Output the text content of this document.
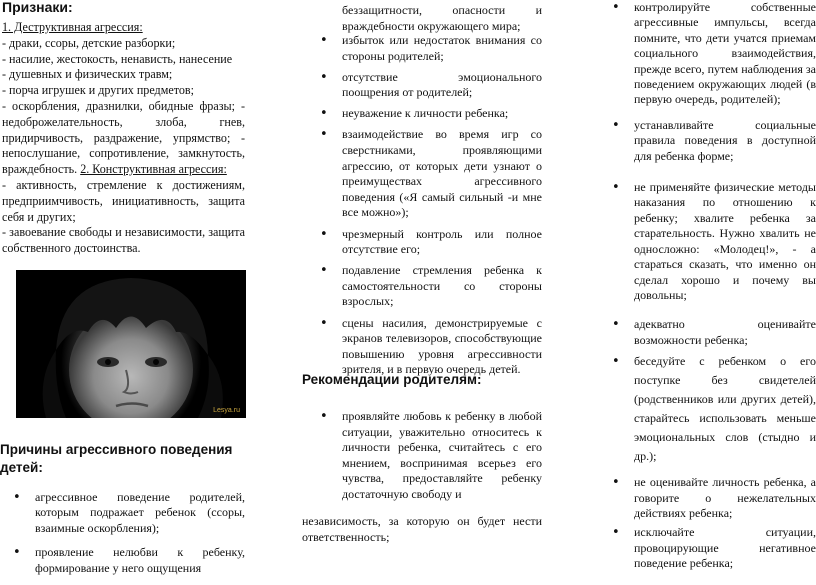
Признаки:
1. Деструктивная агрессия:
- драки, ссоры, детские разборки;
- насилие, жестокость, ненависть, нанесение
- душевных и физических травм;
- порча игрушек и других предметов;
- оскорбления, дразнилки, обидные фразы; - недоброжелательность, злоба, гнев, придирчивость, раздражение, упрямство; - непослушание, сопротивление, замкнутость, враждебность. 2. Конструктивная агрессия:
- активность, стремление к достижениям, предприимчивость, инициативность, защита себя и других;
- завоевание свободы и независимости, защита собственного достоинства.
Lesya.ru
Причины агрессивного поведения детей:
• агрессивное поведение родителей, которым подражает ребенок (ссоры, взаимные оскорбления);
• проявление нелюбви к ребенку, формирование у него ощущения
беззащитности, опасности и враждебности окружающего мира;
• избыток или недостаток внимания со стороны родителей;
• отсутствие эмоционального поощрения от родителей;
• неуважение к личности ребенка;
• взаимодействие во время игр со сверстниками, проявляющими агрессию, от которых дети узнают о преимуществах агрессивного поведения («Я самый сильный -и мне все можно»);
• чрезмерный контроль или полное отсутствие его;
• подавление стремления ребенка к самостоятельности со стороны взрослых;
• сцены насилия, демонстрируемые с экранов телевизоров, способствующие повышению уровня агрессивности зрителя, и в первую очередь детей.
Рекомендации родителям:
• проявляйте любовь к ребенку в любой ситуации, уважительно относитесь к личности ребенка, считайтесь с его мнением, воспринимая всерьез его чувства, предоставляйте ребенку достаточную свободу и
независимость, за которую он будет нести ответственность;
• контролируйте собственные агрессивные импульсы, всегда помните, что дети учатся приемам социального взаимодействия, прежде всего, путем наблюдения за поведением окружающих людей (в первую очередь, родителей);
• устанавливайте социальные правила поведения в доступной для ребенка форме;
• не применяйте физические методы наказания по отношению к ребенку; хвалите ребенка за старательность. Нужно хвалить не односложно: «Молодец!», - а стараться сказать, что именно он сделал хорошо и почему вы довольны;
• адекватно оценивайте возможности ребенка;
• беседуйте с ребенком о его поступке без свидетелей (родственников или других детей), старайтесь использовать меньше эмоциональных слов (стыдно и др.);
• не оценивайте личность ребенка, а говорите о нежелательных действиях ребенка;
• исключайте ситуации, провоцирующие негативное поведение ребенка;
